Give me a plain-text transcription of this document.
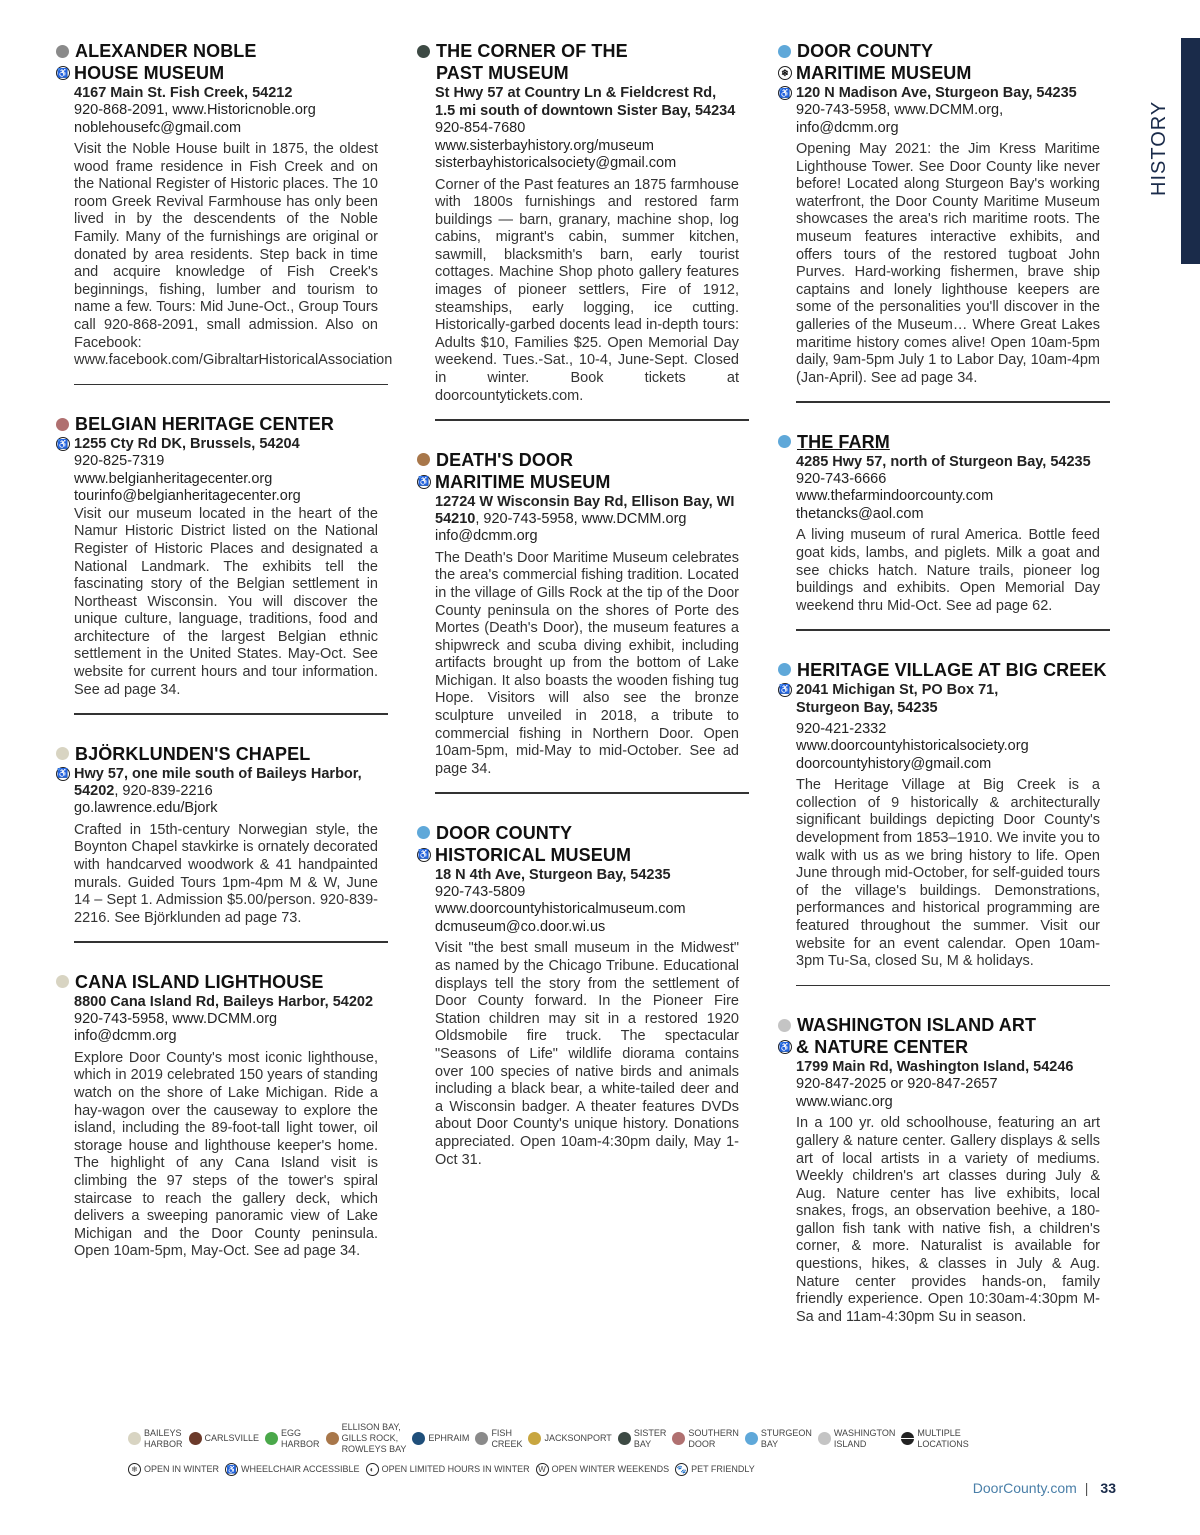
HISTORY
ALEXANDER NOBLE
♿ HOUSE MUSEUM
4167 Main St. Fish Creek, 54212
920-868-2091, www.Historicnoble.org
noblehousefc@gmail.com
Visit the Noble House built in 1875, the oldest wood frame residence in Fish Creek and on the National Register of Historic places. The 10 room Greek Revival Farmhouse has only been lived in by the descendents of the Noble Family. Many of the furnishings are original or donated by area residents. Step back in time and acquire knowledge of Fish Creek's beginnings, fishing, lumber and tourism to name a few. Tours: Mid June-Oct., Group Tours call 920-868-2091, small admission. Also on Facebook: www.facebook.com/GibraltarHistoricalAssociation
BELGIAN HERITAGE CENTER
♿ 1255 Cty Rd DK, Brussels, 54204
920-825-7319
www.belgianheritagecenter.org
tourinfo@belgianheritagecenter.org
Visit our museum located in the heart of the Namur Historic District listed on the National Register of Historic Places and designated a National Landmark. The exhibits tell the fascinating story of the Belgian settlement in Northeast Wisconsin. You will discover the unique culture, language, traditions, food and architecture of the largest Belgian ethnic settlement in the United States. May-Oct. See website for current hours and tour information. See ad page 34.
BJÖRKLUNDEN'S CHAPEL
♿ Hwy 57, one mile south of Baileys Harbor,
54202, 920-839-2216
go.lawrence.edu/Bjork
Crafted in 15th-century Norwegian style, the Boynton Chapel stavkirke is ornately decorated with handcarved woodwork & 41 handpainted murals. Guided Tours 1pm-4pm M & W, June 14 – Sept 1. Admission $5.00/person. 920-839-2216. See Björklunden ad page 73.
CANA ISLAND LIGHTHOUSE
8800 Cana Island Rd, Baileys Harbor, 54202
920-743-5958, www.DCMM.org
info@dcmm.org
Explore Door County's most iconic lighthouse, which in 2019 celebrated 150 years of standing watch on the shore of Lake Michigan. Ride a hay-wagon over the causeway to explore the island, including the 89-foot-tall light tower, oil storage house and lighthouse keeper's home. The highlight of any Cana Island visit is climbing the 97 steps of the tower's spiral staircase to reach the gallery deck, which delivers a sweeping panoramic view of Lake Michigan and the Door County peninsula. Open 10am-5pm, May-Oct. See ad page 34.
THE CORNER OF THE
PAST MUSEUM
St Hwy 57 at Country Ln & Fieldcrest Rd,
1.5 mi south of downtown Sister Bay, 54234
920-854-7680
www.sisterbayhistory.org/museum
sisterbayhistoricalsociety@gmail.com
Corner of the Past features an 1875 farmhouse with 1800s furnishings and restored farm buildings — barn, granary, machine shop, log cabins, migrant's cabin, summer kitchen, sawmill, blacksmith's barn, early tourist cottages. Machine Shop photo gallery features images of pioneer settlers, Fire of 1912, steamships, early logging, ice cutting. Historically-garbed docents lead in-depth tours: Adults $10, Families $25. Open Memorial Day weekend. Tues.-Sat., 10-4, June-Sept. Closed in winter. Book tickets at doorcountytickets.com.
DEATH'S DOOR
♿ MARITIME MUSEUM
12724 W Wisconsin Bay Rd, Ellison Bay, WI
54210, 920-743-5958, www.DCMM.org
info@dcmm.org
The Death's Door Maritime Museum celebrates the area's commercial fishing tradition. Located in the village of Gills Rock at the tip of the Door County peninsula on the shores of Porte des Mortes (Death's Door), the museum features a shipwreck and scuba diving exhibit, including artifacts brought up from the bottom of Lake Michigan. It also boasts the wooden fishing tug Hope. Visitors will also see the bronze sculpture unveiled in 2018, a tribute to commercial fishing in Northern Door. Open 10am-5pm, mid-May to mid-October. See ad page 34.
DOOR COUNTY
♿ HISTORICAL MUSEUM
18 N 4th Ave, Sturgeon Bay, 54235
920-743-5809
www.doorcountyhistoricalmuseum.com
dcmuseum@co.door.wi.us
Visit "the best small museum in the Midwest" as named by the Chicago Tribune. Educational displays tell the story from the settlement of Door County forward. In the Pioneer Fire Station children may sit in a restored 1920 Oldsmobile fire truck. The spectacular "Seasons of Life" wildlife diorama contains over 100 species of native birds and animals including a black bear, a white-tailed deer and a Wisconsin badger. A theater features DVDs about Door County's unique history. Donations appreciated. Open 10am-4:30pm daily, May 1-Oct 31.
DOOR COUNTY
❄ MARITIME MUSEUM
♿ 120 N Madison Ave, Sturgeon Bay, 54235
920-743-5958, www.DCMM.org,
info@dcmm.org
Opening May 2021: the Jim Kress Maritime Lighthouse Tower. See Door County like never before! Located along Sturgeon Bay's working waterfront, the Door County Maritime Museum showcases the area's rich maritime roots. The museum features interactive exhibits, and offers tours of the restored tugboat John Purves. Hard-working fishermen, brave ship captains and lonely lighthouse keepers are some of the personalities you'll discover in the galleries of the Museum… Where Great Lakes maritime history comes alive! Open 10am-5pm daily, 9am-5pm July 1 to Labor Day, 10am-4pm (Jan-April). See ad page 34.
THE FARM
4285 Hwy 57, north of Sturgeon Bay, 54235
920-743-6666
www.thefarmindoorcounty.com
thetancks@aol.com
A living museum of rural America. Bottle feed goat kids, lambs, and piglets. Milk a goat and see chicks hatch. Nature trails, pioneer log buildings and exhibits. Open Memorial Day weekend thru Mid-Oct. See ad page 62.
HERITAGE VILLAGE AT BIG CREEK
♿ 2041 Michigan St, PO Box 71,
Sturgeon Bay, 54235
920-421-2332
www.doorcountyhistoricalsociety.org
doorcountyhistory@gmail.com
The Heritage Village at Big Creek is a collection of 9 historically & architecturally significant buildings depicting Door County's development from 1853–1910. We invite you to walk with us as we bring history to life. Open June through mid-October, for self-guided tours of the village's buildings. Demonstrations, performances and historical programming are featured throughout the summer. Visit our website for an event calendar. Open 10am-3pm Tu-Sa, closed Su, M & holidays.
WASHINGTON ISLAND ART
♿ & NATURE CENTER
1799 Main Rd, Washington Island, 54246
920-847-2025 or 920-847-2657
www.wianc.org
In a 100 yr. old schoolhouse, featuring an art gallery & nature center. Gallery displays & sells art of local artists in a variety of mediums. Weekly children's art classes during July & Aug. Nature center has live exhibits, local snakes, frogs, an observation beehive, a 180-gallon fish tank with native fish, a children's corner, & more. Naturalist is available for questions, hikes, & classes in July & Aug. Nature center provides hands-on, family friendly experience. Open 10:30am-4:30pm M-Sa and 11am-4:30pm Su in season.
BAILEYS
HARBOR
CARLSVILLE
EGG
HARBOR
ELLISON BAY,
GILLS ROCK,
ROWLEYS BAY
EPHRAIM
FISH
CREEK
JACKSONPORT
SISTER
BAY
SOUTHERN
DOOR
STURGEON
BAY
WASHINGTON
ISLAND
MULTIPLE
LOCATIONS
❄ OPEN IN WINTER ♿ WHEELCHAIR ACCESSIBLE	◐ OPEN LIMITED HOURS IN WINTER	W OPEN WINTER WEEKENDS 🐾 PET FRIENDLY
DoorCounty.com | 33
